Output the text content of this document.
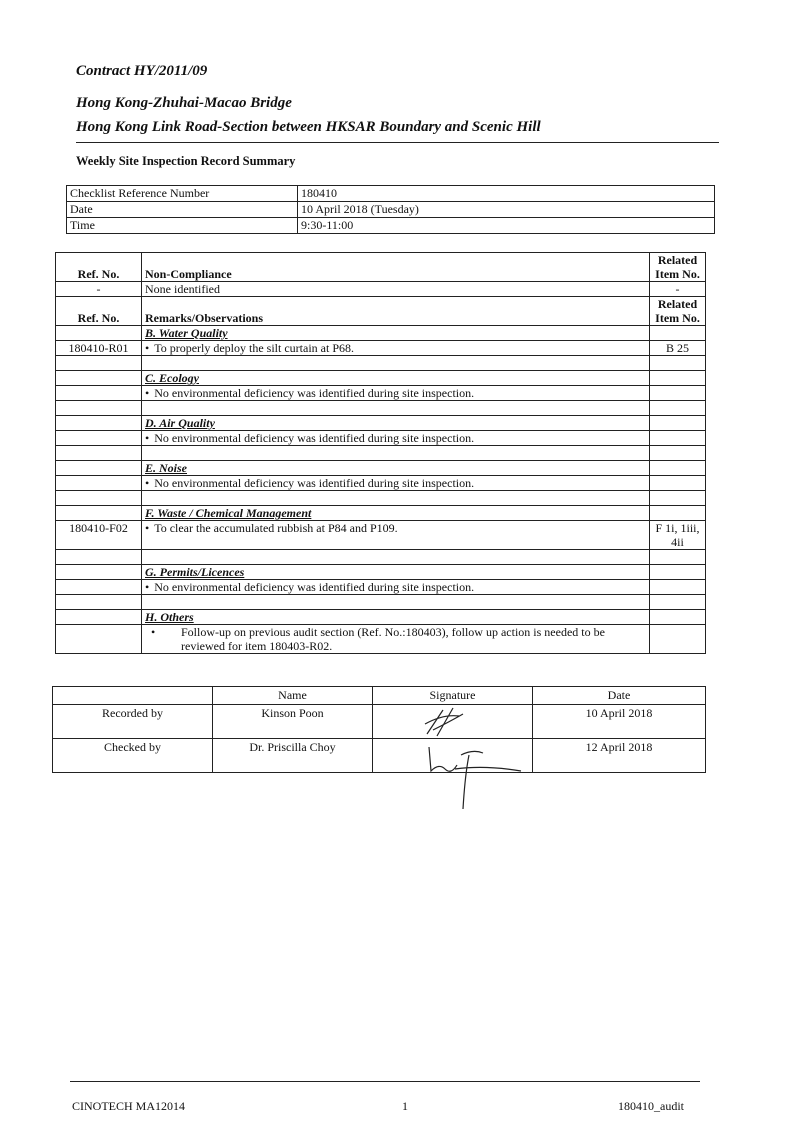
Contract HY/2011/09
Hong Kong-Zhuhai-Macao Bridge
Hong Kong Link Road-Section between HKSAR Boundary and Scenic Hill
Weekly Site Inspection Record Summary
Checklist Reference Number	180410
Date	10 April 2018 (Tuesday)
Time	9:30-11:00
Ref. No.	Non-Compliance	Related
Item No.
-	None identified	-
Ref. No.	Remarks/Observations	Related
Item No.
	B. Water Quality	
180410-R01	• To properly deploy the silt curtain at P68.	B 25

	C. Ecology	
	• No environmental deficiency was identified during site inspection.	

	D. Air Quality	
	• No environmental deficiency was identified during site inspection.	

	E. Noise	
	• No environmental deficiency was identified during site inspection.	

	F. Waste / Chemical Management	
180410-F02	• To clear the accumulated rubbish at P84 and P109.	F 1i, 1iii, 4ii

	G. Permits/Licences	
	• No environmental deficiency was identified during site inspection.	

	H. Others	

	• Follow-up on previous audit section (Ref. No.:180403), follow up action is needed to be
reviewed for item 180403-R02.	

	Name	Signature	Date
Recorded by	Kinson Poon		10 April 2018
Checked by	Dr. Priscilla Choy		12 April 2018
CINOTECH MA12014	1	180410_audit
